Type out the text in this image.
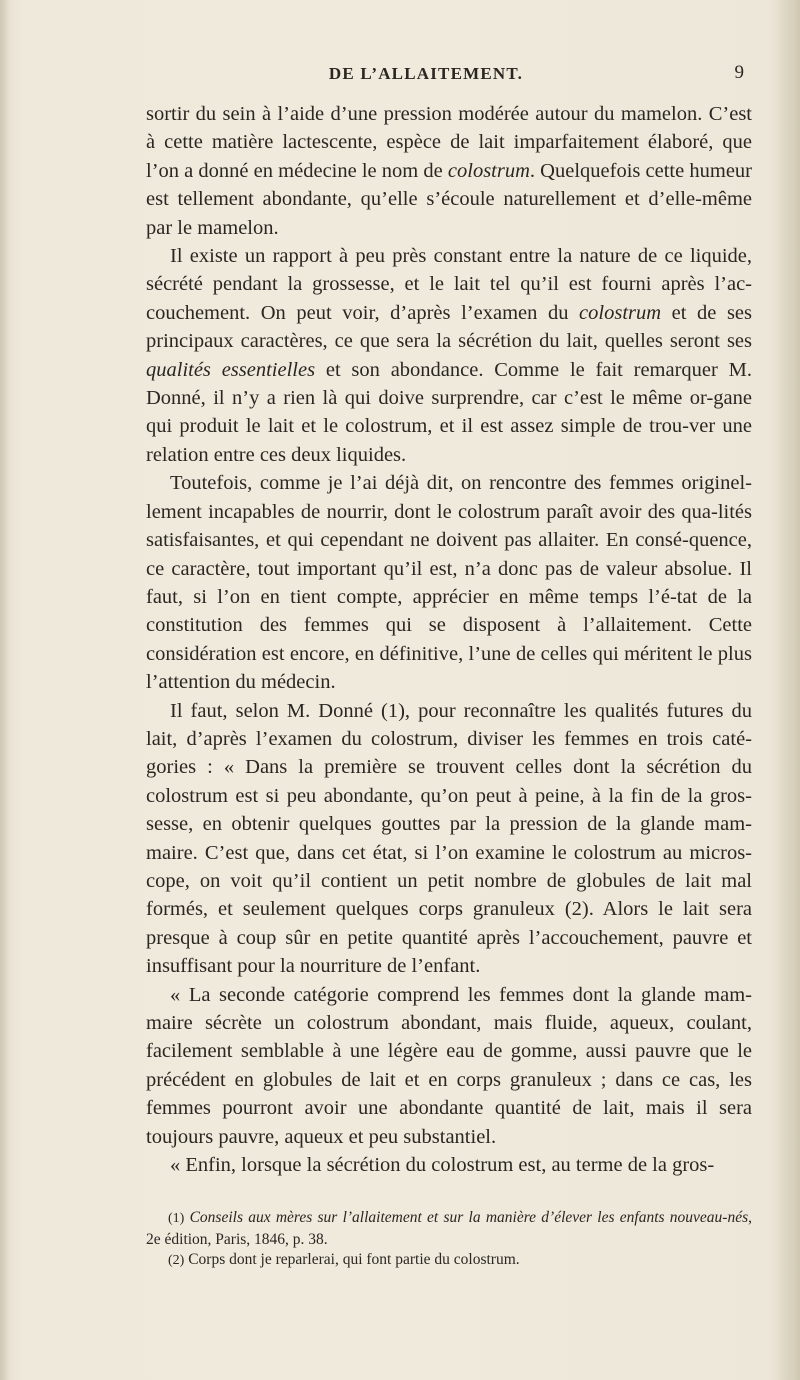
DE L’ALLAITEMENT.	9

sortir du sein à l’aide d’une pression modérée autour du mamelon. C’est à cette matière lactescente, espèce de lait imparfaitement élaboré, que l’on a donné en médecine le nom de colostrum. Quelquefois cette humeur est tellement abondante, qu’elle s’écoule naturellement et d’elle-même par le mamelon.

Il existe un rapport à peu près constant entre la nature de ce liquide, sécrété pendant la grossesse, et le lait tel qu’il est fourni après l’ac-couchement. On peut voir, d’après l’examen du colostrum et de ses principaux caractères, ce que sera la sécrétion du lait, quelles seront ses qualités essentielles et son abondance. Comme le fait remarquer M. Donné, il n’y a rien là qui doive surprendre, car c’est le même or-gane qui produit le lait et le colostrum, et il est assez simple de trou-ver une relation entre ces deux liquides.

Toutefois, comme je l’ai déjà dit, on rencontre des femmes originel-lement incapables de nourrir, dont le colostrum paraît avoir des qua-lités satisfaisantes, et qui cependant ne doivent pas allaiter. En consé-quence, ce caractère, tout important qu’il est, n’a donc pas de valeur absolue. Il faut, si l’on en tient compte, apprécier en même temps l’é-tat de la constitution des femmes qui se disposent à l’allaitement. Cette considération est encore, en définitive, l’une de celles qui méritent le plus l’attention du médecin.

Il faut, selon M. Donné (1), pour reconnaître les qualités futures du lait, d’après l’examen du colostrum, diviser les femmes en trois caté-gories : « Dans la première se trouvent celles dont la sécrétion du colostrum est si peu abondante, qu’on peut à peine, à la fin de la gros-sesse, en obtenir quelques gouttes par la pression de la glande mam-maire. C’est que, dans cet état, si l’on examine le colostrum au micros-cope, on voit qu’il contient un petit nombre de globules de lait mal formés, et seulement quelques corps granuleux (2). Alors le lait sera presque à coup sûr en petite quantité après l’accouchement, pauvre et insuffisant pour la nourriture de l’enfant.

« La seconde catégorie comprend les femmes dont la glande mam-maire sécrète un colostrum abondant, mais fluide, aqueux, coulant, facilement semblable à une légère eau de gomme, aussi pauvre que le précédent en globules de lait et en corps granuleux ; dans ce cas, les femmes pourront avoir une abondante quantité de lait, mais il sera toujours pauvre, aqueux et peu substantiel.

« Enfin, lorsque la sécrétion du colostrum est, au terme de la gros-

(1) Conseils aux mères sur l’allaitement et sur la manière d’élever les enfants nouveau-nés, 2e édition, Paris, 1846, p. 38.

(2) Corps dont je reparlerai, qui font partie du colostrum.
